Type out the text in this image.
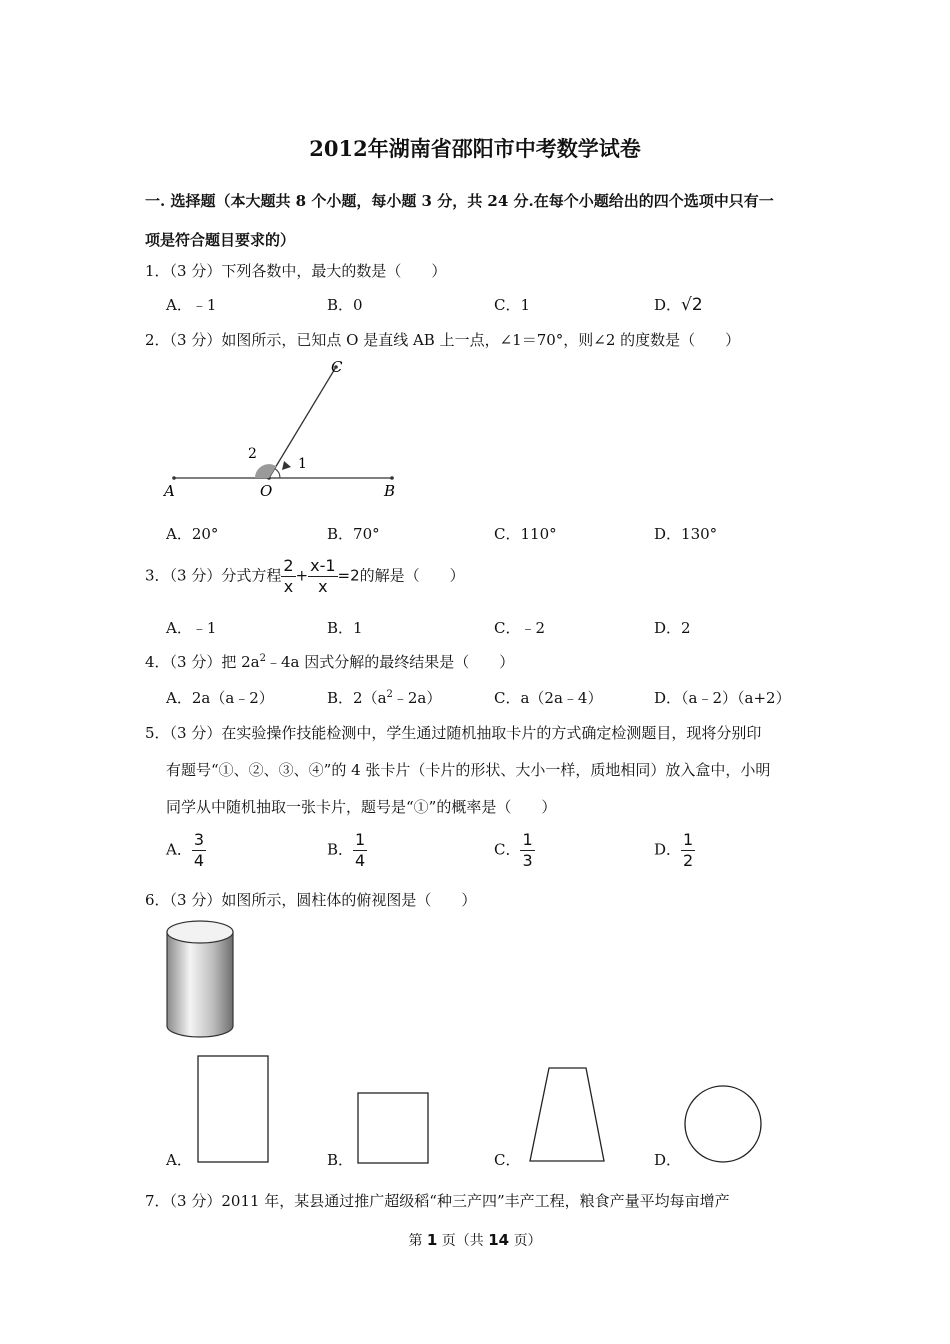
2012年湖南省邵阳市中考数学试卷
一. 选择题（本大题共 8 个小题，每小题 3 分，共 24 分.在每个小题给出的四个选项中只有一
项是符合题目要求的）
1．（3 分）下列各数中，最大的数是（　　）
A．﹣1	B．0	C．1	D．√2
2．（3 分）如图所示，已知点 O 是直线 AB 上一点，∠1＝70°，则∠2 的度数是（　　）
A	O	B
C
1
2
A．20°	B．70°	C．110°	D．130°
3．（3 分）分式方程 $\frac{2}{x} + \frac{x-1}{x} =2$的解是（　　）
A．﹣1	B．1	C．﹣2	D．2
4．（3 分）把 $2a^2﹣4a$ 因式分解的最终结果是（　　）
A．2a（a﹣2）	B．$2(a^2﹣2a)$	C．a（2a﹣4）	D．（a﹣2）（a+2）
5．（3 分）在实验操作技能检测中，学生通过随机抽取卡片的方式确定检测题目，现将分别印
有题号“①、②、③、④”的 4 张卡片（卡片的形状、大小一样，质地相同）放入盒中，小明
同学从中随机抽取一张卡片，题号是“①”的概率是（　　）
A． $\frac{3}{4}$	B． $\frac{1}{4}$	C． $\frac{1}{3}$	D． $\frac{1}{2}$
6．（3 分）如图所示，圆柱体的俯视图是（　　）
A．	B．	C．	D．
7．（3 分）2011 年，某县通过推广超级稻“种三产四”丰产工程，粮食产量平均每亩增产
第 1 页（共 14 页）
